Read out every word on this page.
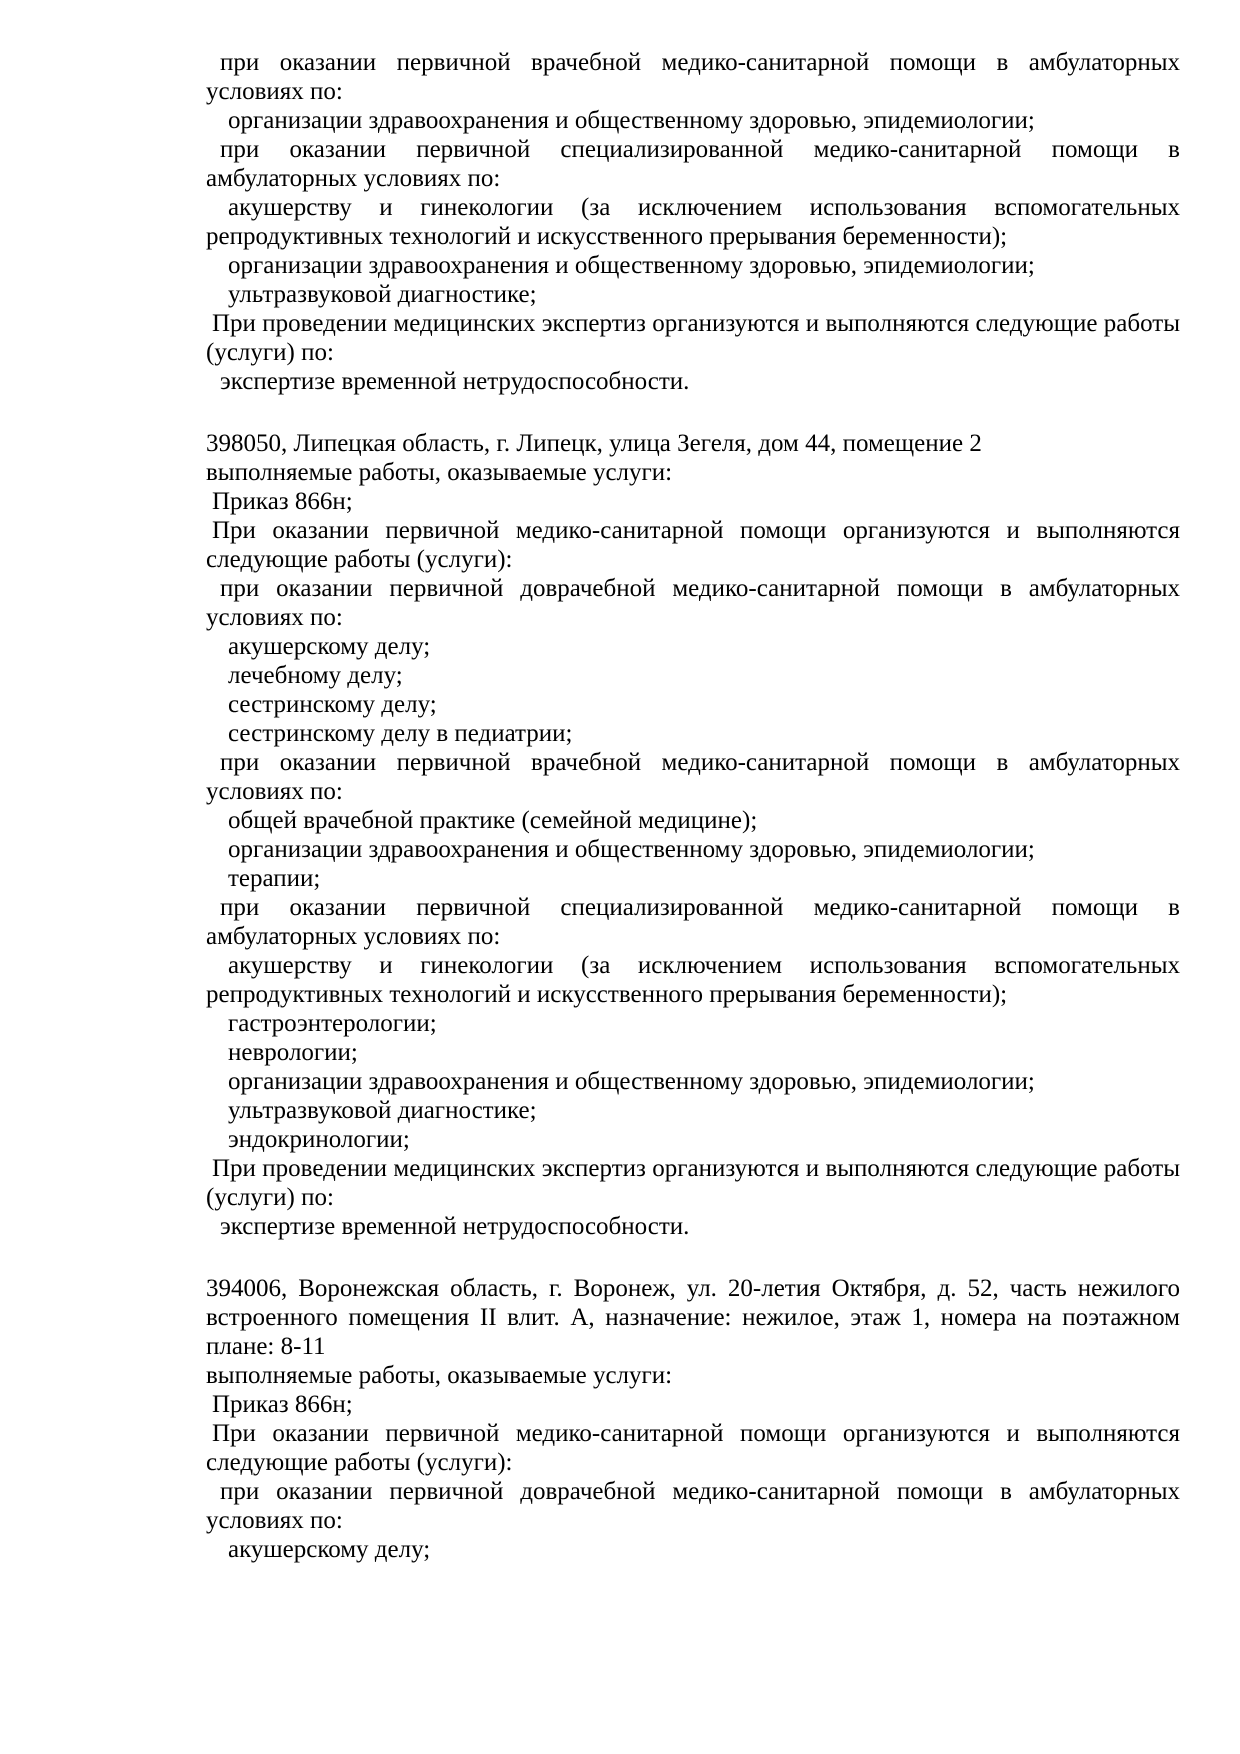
при оказании первичной врачебной медико-санитарной помощи в амбулаторных условиях по:

организации здравоохранения и общественному здоровью, эпидемиологии;

при оказании первичной специализированной медико-санитарной помощи в амбулаторных условиях по:

акушерству и гинекологии (за исключением использования вспомогательных репродуктивных технологий и искусственного прерывания беременности);

организации здравоохранения и общественному здоровью, эпидемиологии;

ультразвуковой диагностике;

При проведении медицинских экспертиз организуются и выполняются следующие работы (услуги) по:

экспертизе временной нетрудоспособности.

398050, Липецкая область, г. Липецк, улица Зегеля, дом 44, помещение 2

выполняемые работы, оказываемые услуги:

Приказ 866н;

При оказании первичной медико-санитарной помощи организуются и выполняются следующие работы (услуги):

при оказании первичной доврачебной медико-санитарной помощи в амбулаторных условиях по:

акушерскому делу;

лечебному делу;

сестринскому делу;

сестринскому делу в педиатрии;

при оказании первичной врачебной медико-санитарной помощи в амбулаторных условиях по:

общей врачебной практике (семейной медицине);

организации здравоохранения и общественному здоровью, эпидемиологии;

терапии;

при оказании первичной специализированной медико-санитарной помощи в амбулаторных условиях по:

акушерству и гинекологии (за исключением использования вспомогательных репродуктивных технологий и искусственного прерывания беременности);

гастроэнтерологии;

неврологии;

организации здравоохранения и общественному здоровью, эпидемиологии;

ультразвуковой диагностике;

эндокринологии;

При проведении медицинских экспертиз организуются и выполняются следующие работы (услуги) по:

экспертизе временной нетрудоспособности.

394006, Воронежская область, г. Воронеж, ул. 20-летия Октября, д. 52, часть нежилого встроенного помещения II влит. А, назначение: нежилое, этаж 1, номера на поэтажном плане: 8-11

выполняемые работы, оказываемые услуги:

Приказ 866н;

При оказании первичной медико-санитарной помощи организуются и выполняются следующие работы (услуги):

при оказании первичной доврачебной медико-санитарной помощи в амбулаторных условиях по:

акушерскому делу;
